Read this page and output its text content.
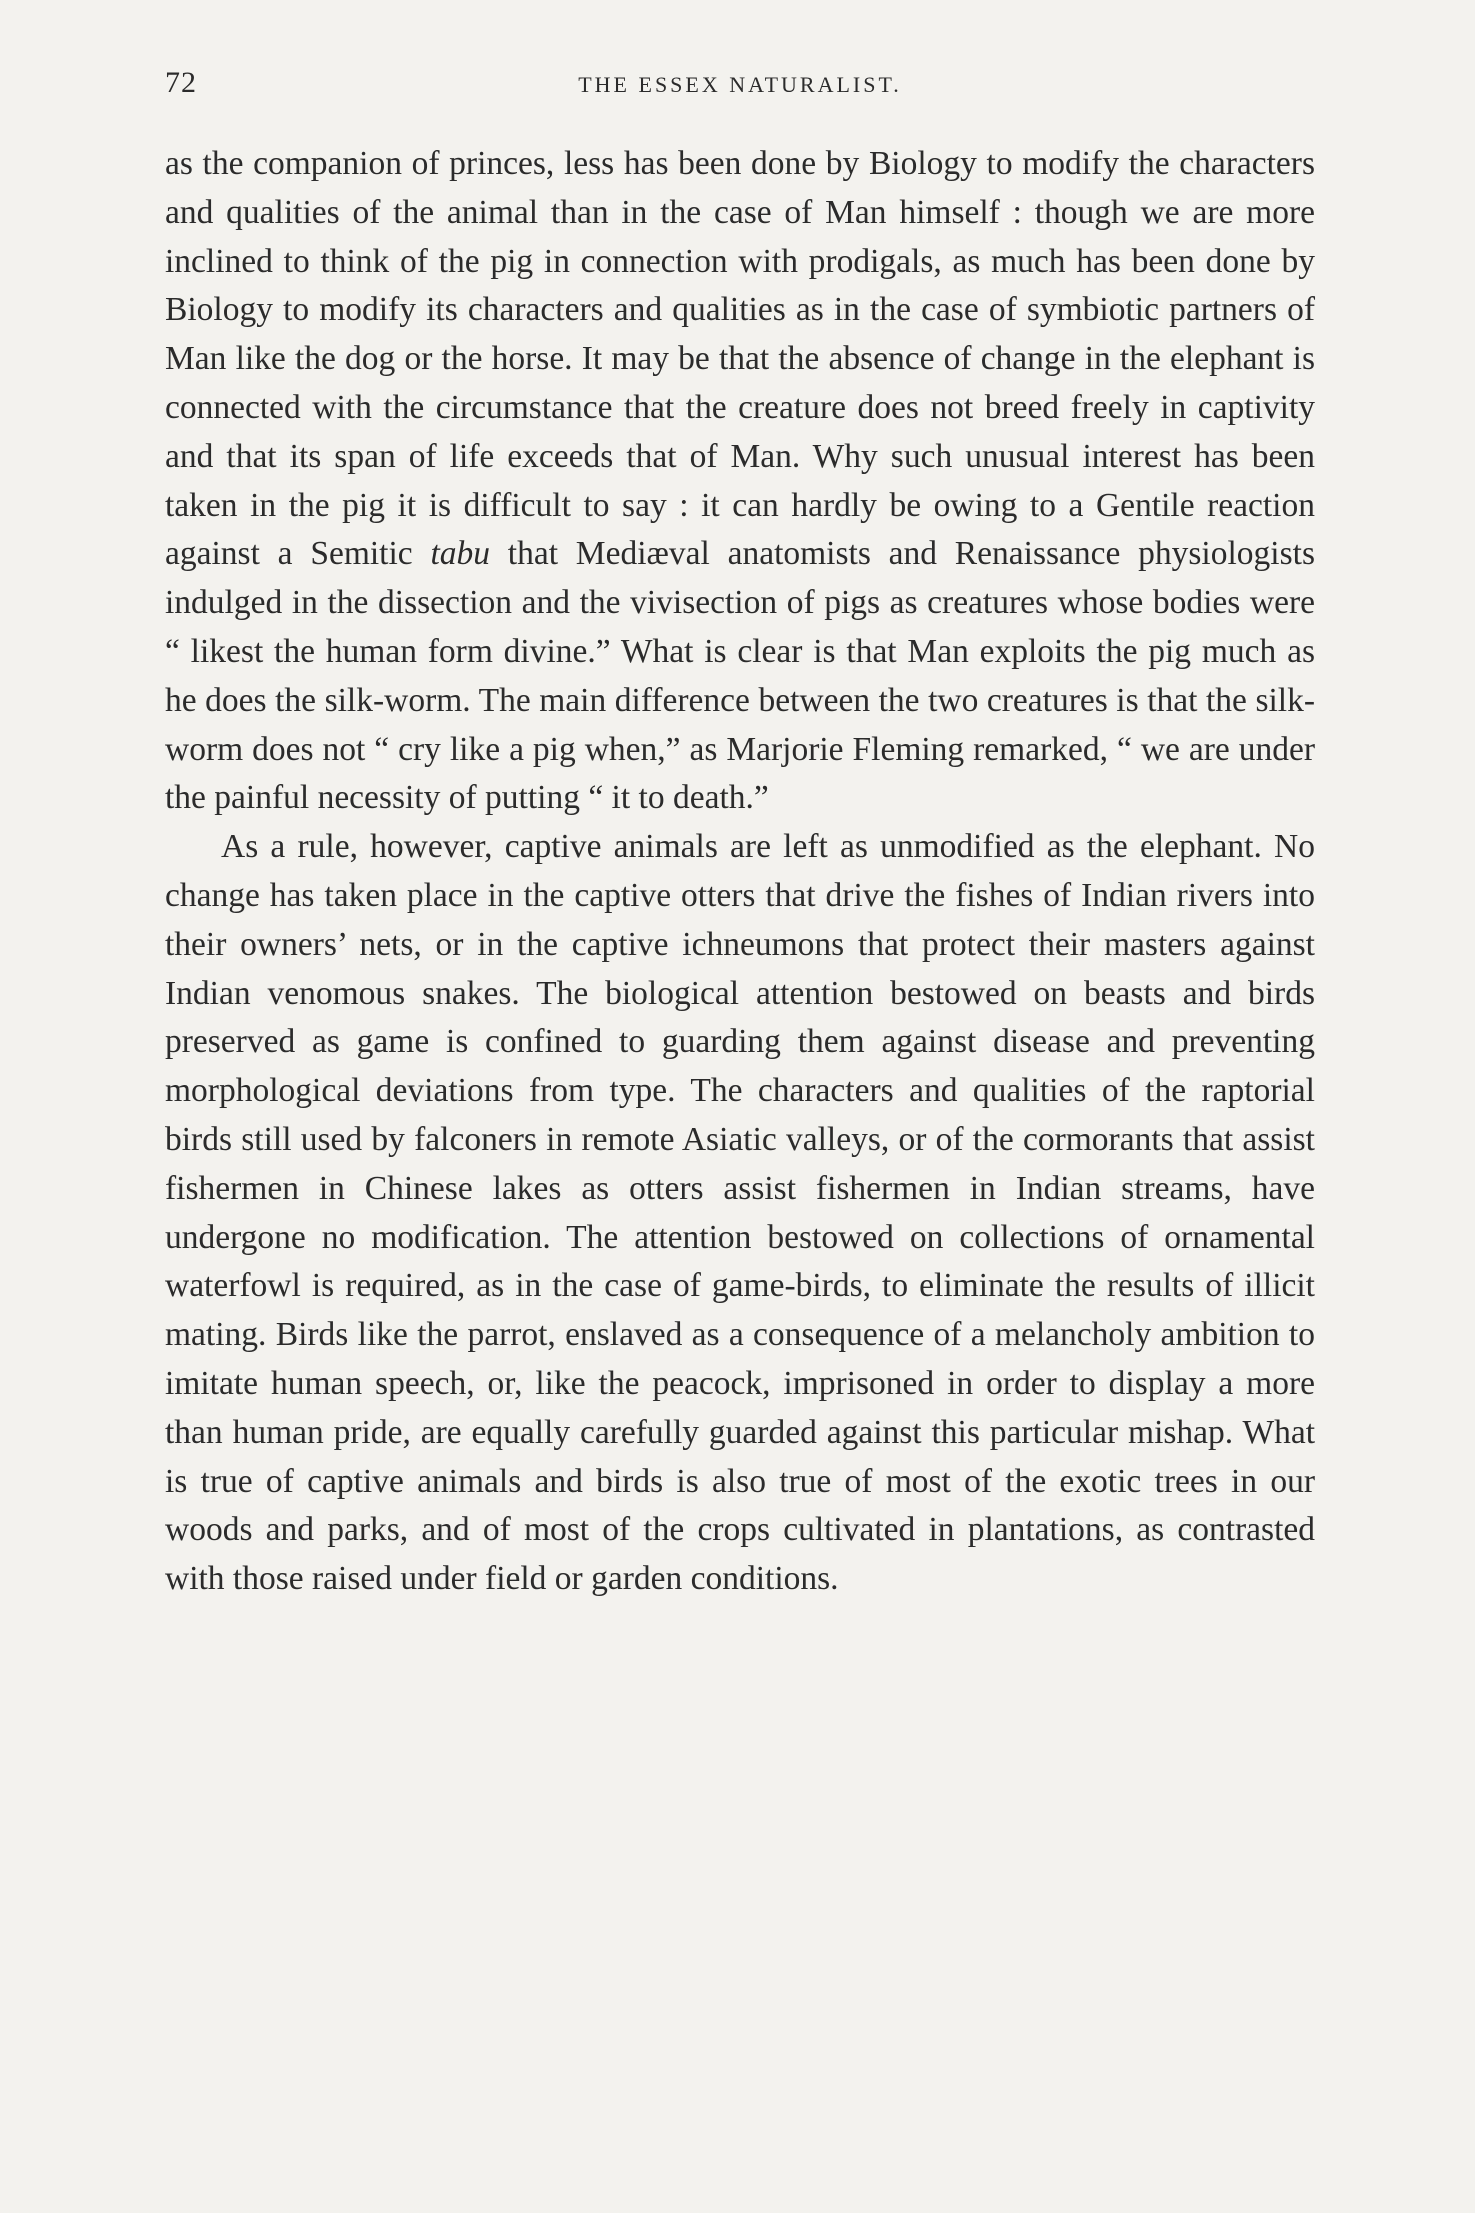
72	THE ESSEX NATURALIST.

as the companion of princes, less has been done by Biology to modify the characters and qualities of the animal than in the case of Man himself : though we are more inclined to think of the pig in connection with prodigals, as much has been done by Biology to modify its characters and qualities as in the case of symbiotic partners of Man like the dog or the horse. It may be that the absence of change in the elephant is connected with the circumstance that the creature does not breed freely in captivity and that its span of life exceeds that of Man. Why such unusual interest has been taken in the pig it is difficult to say : it can hardly be owing to a Gentile reaction against a Semitic tabu that Mediæval anatomists and Renaissance physiologists indulged in the dissection and the vivisection of pigs as creatures whose bodies were “ likest the human form divine.” What is clear is that Man exploits the pig much as he does the silk-worm. The main difference between the two creatures is that the silk-worm does not “ cry like a pig when,” as Marjorie Fleming remarked, “ we are under the painful necessity of putting “ it to death.”

As a rule, however, captive animals are left as unmodified as the elephant. No change has taken place in the captive otters that drive the fishes of Indian rivers into their owners’ nets, or in the captive ichneumons that protect their masters against Indian venomous snakes. The biological attention bestowed on beasts and birds preserved as game is confined to guarding them against disease and preventing morphological deviations from type. The characters and qualities of the raptorial birds still used by falconers in remote Asiatic valleys, or of the cormorants that assist fishermen in Chinese lakes as otters assist fishermen in Indian streams, have undergone no modification. The attention bestowed on collections of ornamental waterfowl is required, as in the case of game-birds, to eliminate the results of illicit mating. Birds like the parrot, enslaved as a consequence of a melancholy ambition to imitate human speech, or, like the peacock, imprisoned in order to display a more than human pride, are equally carefully guarded against this particular mishap. What is true of captive animals and birds is also true of most of the exotic trees in our woods and parks, and of most of the crops cultivated in plantations, as contrasted with those raised under field or garden conditions.
